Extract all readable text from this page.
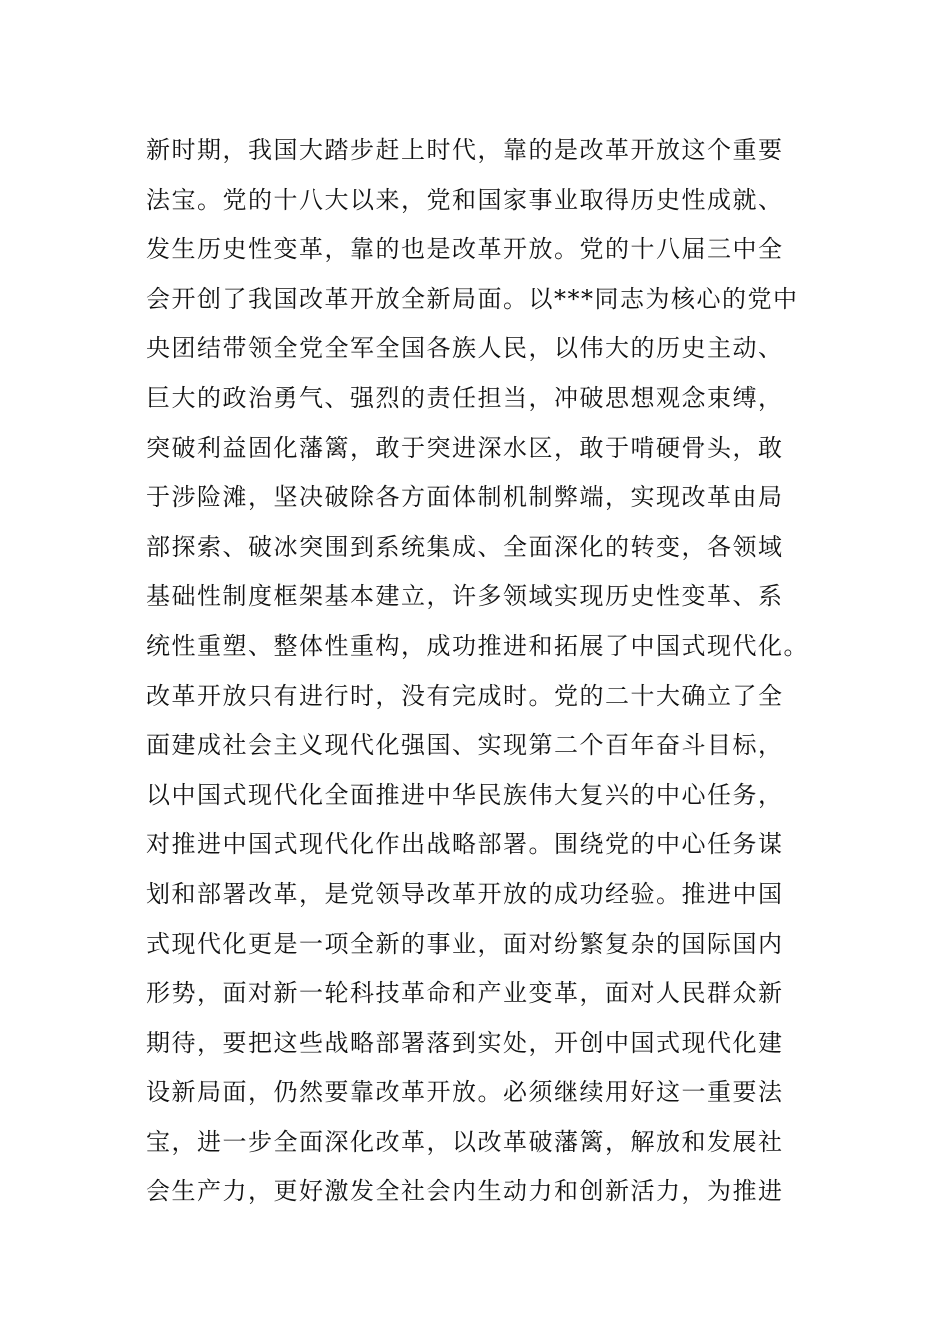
新时期，我国大踏步赶上时代，靠的是改革开放这个重要
法宝。党的十八大以来，党和国家事业取得历史性成就、
发生历史性变革，靠的也是改革开放。党的十八届三中全
会开创了我国改革开放全新局面。以***同志为核心的党中
央团结带领全党全军全国各族人民，以伟大的历史主动、
巨大的政治勇气、强烈的责任担当，冲破思想观念束缚，
突破利益固化藩篱，敢于突进深水区，敢于啃硬骨头，敢
于涉险滩，坚决破除各方面体制机制弊端，实现改革由局
部探索、破冰突围到系统集成、全面深化的转变，各领域
基础性制度框架基本建立，许多领域实现历史性变革、系
统性重塑、整体性重构，成功推进和拓展了中国式现代化。
改革开放只有进行时，没有完成时。党的二十大确立了全
面建成社会主义现代化强国、实现第二个百年奋斗目标，
以中国式现代化全面推进中华民族伟大复兴的中心任务，
对推进中国式现代化作出战略部署。围绕党的中心任务谋
划和部署改革，是党领导改革开放的成功经验。推进中国
式现代化更是一项全新的事业，面对纷繁复杂的国际国内
形势，面对新一轮科技革命和产业变革，面对人民群众新
期待，要把这些战略部署落到实处，开创中国式现代化建
设新局面，仍然要靠改革开放。必须继续用好这一重要法
宝，进一步全面深化改革，以改革破藩篱，解放和发展社
会生产力，更好激发全社会内生动力和创新活力，为推进
